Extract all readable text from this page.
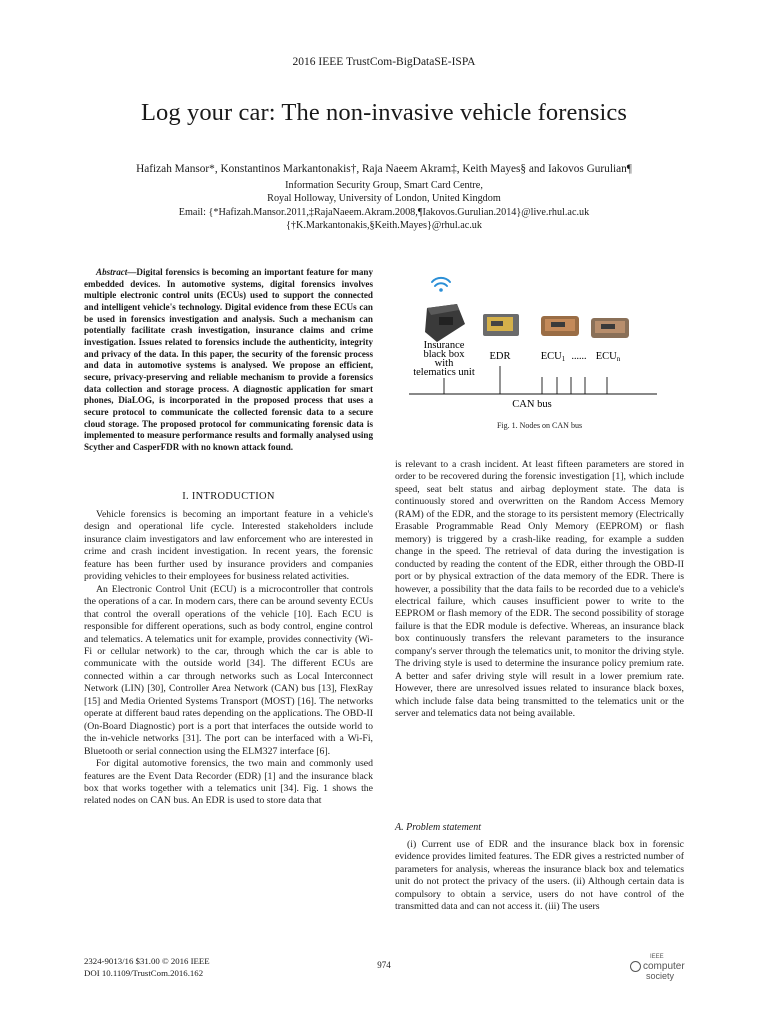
2016 IEEE TrustCom-BigDataSE-ISPA
Log your car: The non-invasive vehicle forensics
Hafizah Mansor*, Konstantinos Markantonakis†, Raja Naeem Akram‡, Keith Mayes§ and Iakovos Gurulian¶
Information Security Group, Smart Card Centre,
Royal Holloway, University of London, United Kingdom
Email: {*Hafizah.Mansor.2011,‡RajaNaeem.Akram.2008,¶Iakovos.Gurulian.2014}@live.rhul.ac.uk
{†K.Markantonakis,§Keith.Mayes}@rhul.ac.uk
Abstract—Digital forensics is becoming an important feature for many embedded devices. In automotive systems, digital forensics involves multiple electronic control units (ECUs) used to support the connected and intelligent vehicle's technology. Digital evidence from these ECUs can be used in forensics investigation and analysis. Such a mechanism can potentially facilitate crash investigation, insurance claims and crime investigation. Issues related to forensics include the authenticity, integrity and privacy of the data. In this paper, the security of the forensic process and data in automotive systems is analysed. We propose an efficient, secure, privacy-preserving and reliable mechanism to provide a forensics data collection and storage process. A diagnostic application for smart phones, DiaLOG, is incorporated in the proposed process that uses a secure protocol to communicate the collected forensic data to a secure cloud storage. The proposed protocol for communicating forensic data is implemented to measure performance results and formally analysed using Scyther and CasperFDR with no known attack found.
I. INTRODUCTION

Vehicle forensics is becoming an important feature in a vehicle's design and operational life cycle. Interested stakeholders include insurance claim investigators and law enforcement who are interested in crime and crash incident investigation. In recent years, the forensic feature has been further used by insurance providers and companies providing vehicles to their employees for business related activities.

An Electronic Control Unit (ECU) is a microcontroller that controls the operations of a car. In modern cars, there can be around seventy ECUs that control the overall operations of the vehicle [10]. Each ECU is responsible for different operations, such as body control, engine control and telematics. A telematics unit for example, provides connectivity (Wi-Fi or cellular network) to the car, through which the car is able to communicate with the outside world [34]. The different ECUs are connected within a car through networks such as Local Interconnect Network (LIN) [30], Controller Area Network (CAN) bus [13], FlexRay [15] and Media Oriented Systems Transport (MOST) [16]. The networks operate at different baud rates depending on the applications. The OBD-II (On-Board Diagnostic) port is a port that interfaces the outside world to the in-vehicle networks [31]. The port can be interfaced with a Wi-Fi, Bluetooth or serial connection using the ELM327 interface [6].

For digital automotive forensics, the two main and commonly used features are the Event Data Recorder (EDR) [1] and the insurance black box that works together with a telematics unit [34]. Fig. 1 shows the related nodes on CAN bus. An EDR is used to store data that

Insurance
black box
with
telematics unit
EDR	ECU1 ...... ECUn
CAN bus
Fig. 1. Nodes on CAN bus

is relevant to a crash incident. At least fifteen parameters are stored in order to be recovered during the forensic investigation [1], which include speed, seat belt status and airbag deployment state. The data is continuously stored and overwritten on the Random Access Memory (RAM) of the EDR, and the storage to its persistent memory (Electrically Erasable Programmable Read Only Memory (EEPROM) or flash memory) is triggered by a crash-like reading, for example a sudden change in the speed. The retrieval of data during the investigation is conducted by reading the content of the EDR, either through the OBD-II port or by physical extraction of the data memory of the EDR. There is however, a possibility that the data fails to be recorded due to a vehicle's electrical failure, which causes insufficient power to write to the EEPROM or flash memory of the EDR. The second possibility of storage failure is that the EDR module is defective. Whereas, an insurance black box continuously transfers the relevant parameters to the insurance company's server through the telematics unit, to monitor the driving style. The driving style is used to determine the insurance policy premium rate. A better and safer driving style will result in a lower premium rate. However, there are unresolved issues related to insurance black boxes, which include false data being transmitted to the telematics unit or the server and telematics data not being available.

A. Problem statement

(i) Current use of EDR and the insurance black box in forensic evidence provides limited features. The EDR gives a restricted number of parameters for analysis, whereas the insurance black box and telematics unit do not protect the privacy of the users. (ii) Although certain data is compulsory to obtain a service, users do not have control of the transmitted data and can not access it. (iii) The users

2324-9013/16 $31.00 © 2016 IEEE
DOI 10.1109/TrustCom.2016.162
974
IEEE
computer
society
